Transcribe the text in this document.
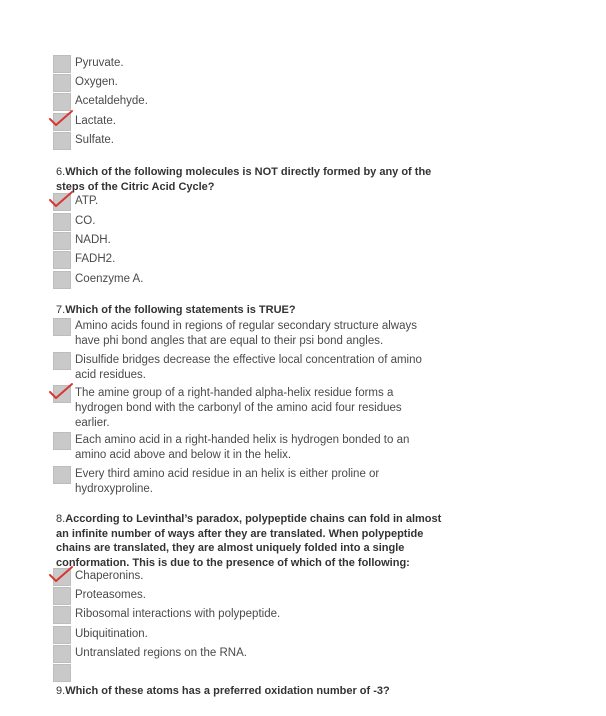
Pyruvate.
Oxygen.
Acetaldehyde.
Lactate.
Sulfate.
6.Which of the following molecules is NOT directly formed by any of the steps of the Citric Acid Cycle?
ATP.
CO.
NADH.
FADH2.
Coenzyme A.
7.Which of the following statements is TRUE?
Amino acids found in regions of regular secondary structure always have phi bond angles that are equal to their psi bond angles.
Disulfide bridges decrease the effective local concentration of amino acid residues.
The amine group of a right-handed alpha-helix residue forms a hydrogen bond with the carbonyl of the amino acid four residues earlier.
Each amino acid in a right-handed helix is hydrogen bonded to an amino acid above and below it in the helix.
Every third amino acid residue in an helix is either proline or hydroxyproline.
8.According to Levinthal’s paradox, polypeptide chains can fold in almost an infinite number of ways after they are translated. When polypeptide chains are translated, they are almost uniquely folded into a single conformation. This is due to the presence of which of the following:
Chaperonins.
Proteasomes.
Ribosomal interactions with polypeptide.
Ubiquitination.
Untranslated regions on the RNA.
9.Which of these atoms has a preferred oxidation number of -3?
